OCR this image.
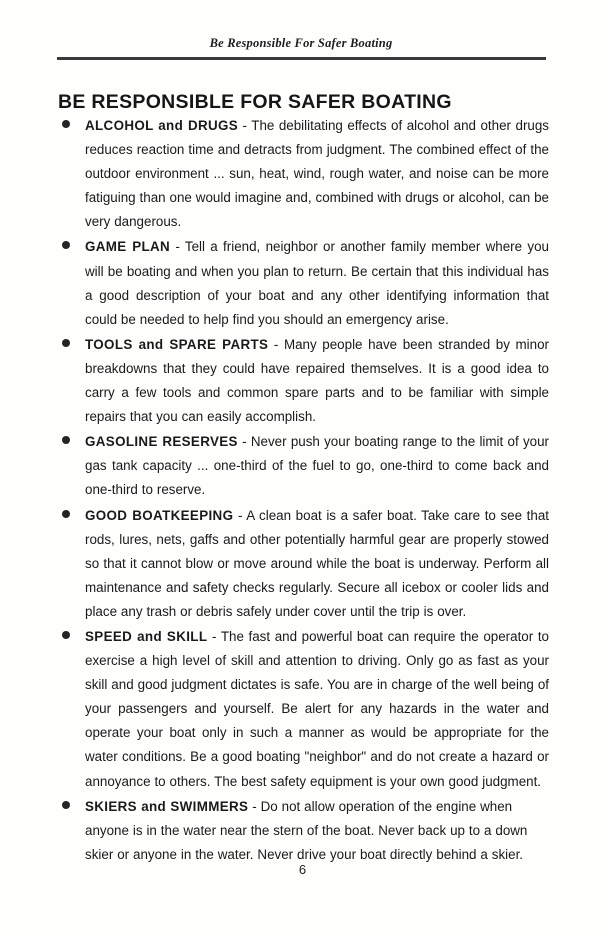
Be Responsible For Safer Boating
BE RESPONSIBLE FOR SAFER BOATING

ALCOHOL and DRUGS - The debilitating effects of alcohol and other drugs reduces reaction time and detracts from judgment. The combined effect of the outdoor environment ... sun, heat, wind, rough water, and noise can be more fatiguing than one would imagine and, combined with drugs or alcohol, can be very dangerous.

GAME PLAN - Tell a friend, neighbor or another family member where you will be boating and when you plan to return. Be certain that this individual has a good description of your boat and any other identifying information that could be needed to help find you should an emergency arise.

TOOLS and SPARE PARTS - Many people have been stranded by minor breakdowns that they could have repaired themselves. It is a good idea to carry a few tools and common spare parts and to be familiar with simple repairs that you can easily accomplish.

GASOLINE RESERVES - Never push your boating range to the limit of your gas tank capacity ... one-third of the fuel to go, one-third to come back and one-third to reserve.

GOOD BOATKEEPING - A clean boat is a safer boat. Take care to see that rods, lures, nets, gaffs and other potentially harmful gear are properly stowed so that it cannot blow or move around while the boat is underway. Perform all maintenance and safety checks regularly. Secure all icebox or cooler lids and place any trash or debris safely under cover until the trip is over.

SPEED and SKILL - The fast and powerful boat can require the operator to exercise a high level of skill and attention to driving. Only go as fast as your skill and good judgment dictates is safe. You are in charge of the well being of your passengers and yourself. Be alert for any hazards in the water and operate your boat only in such a manner as would be appropriate for the water conditions. Be a good boating "neighbor" and do not create a hazard or annoyance to others. The best safety equipment is your own good judgment.

SKIERS and SWIMMERS - Do not allow operation of the engine when anyone is in the water near the stern of the boat. Never back up to a down skier or anyone in the water. Never drive your boat directly behind a skier.

6
